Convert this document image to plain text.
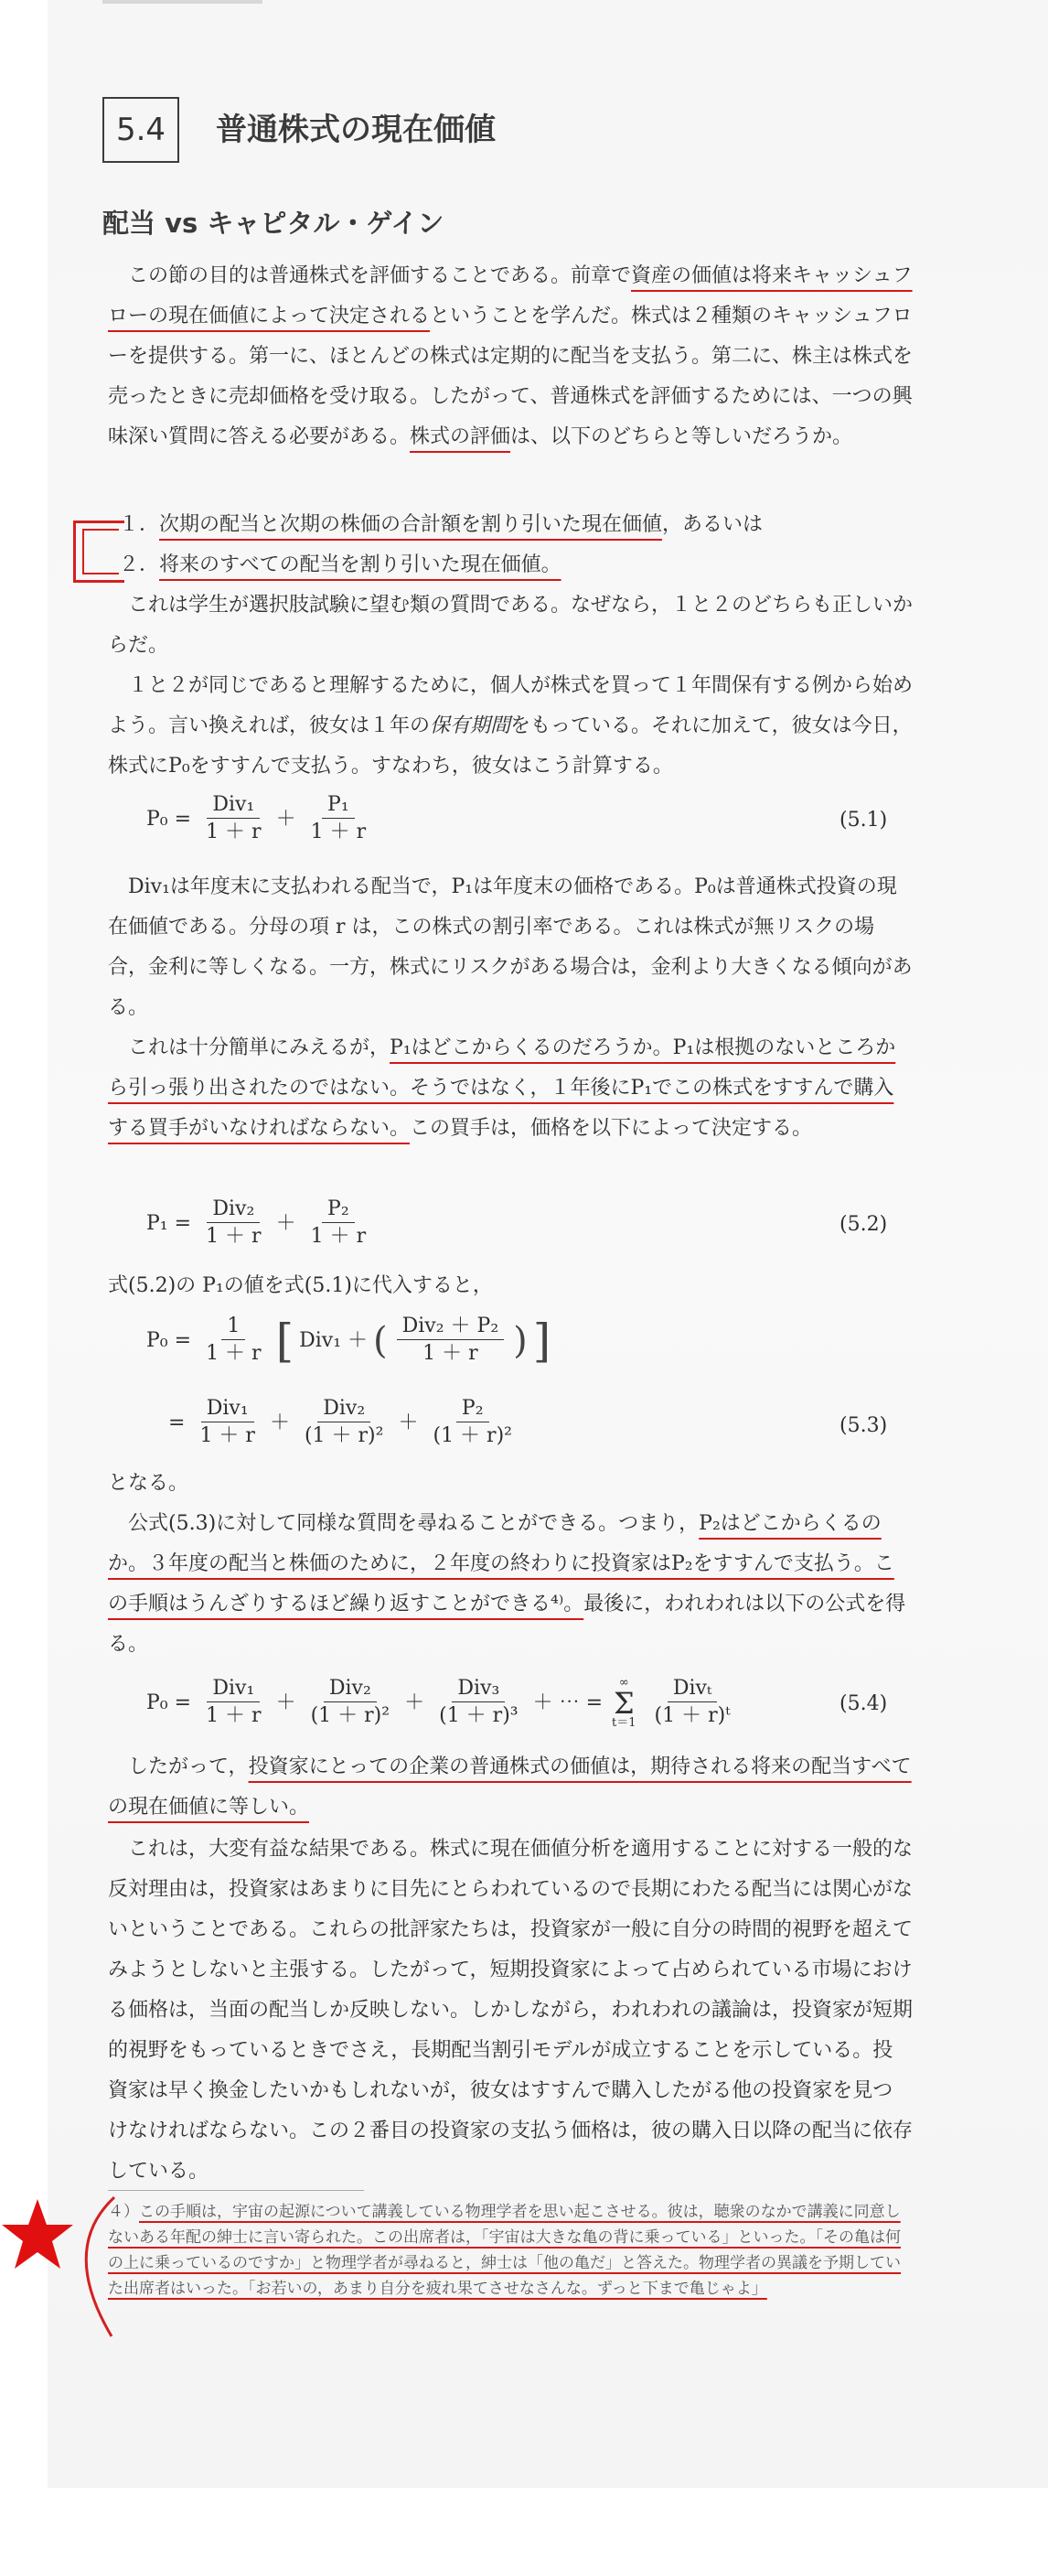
5.4	普通株式の現在価値
配当 vs キャピタル・ゲイン

この節の目的は普通株式を評価することである。前章で資産の価値は将来キャッシュフローの現在価値によって決定されるということを学んだ。株式は２種類のキャッシュフローを提供する。第一に、ほとんどの株式は定期的に配当を支払う。第二に、株主は株式を売ったときに売却価格を受け取る。したがって、普通株式を評価するためには、一つの興味深い質問に答える必要がある。株式の評価は、以下のどちらと等しいだろうか。

１．次期の配当と次期の株価の合計額を割り引いた現在価値，あるいは
２．将来のすべての配当を割り引いた現在価値。

これは学生が選択肢試験に望む類の質問である。なぜなら，１と２のどちらも正しいからだ。

１と２が同じであると理解するために，個人が株式を買って１年間保有する例から始めよう。言い換えれば，彼女は１年の保有期間をもっている。それに加えて，彼女は今日，株式にP₀をすすんで支払う。すなわち，彼女はこう計算する。

$P_0 = \frac{\text{Div₁}}{1 + r} + \frac{\text{P₁}}{1 + r}$	(5.1)

Div₁は年度末に支払われる配当で，P₁は年度末の価格である。P₀は普通株式投資の現在価値である。分母の項 r は，この株式の割引率である。これは株式が無リスクの場合，金利に等しくなる。一方，株式にリスクがある場合は，金利より大きくなる傾向がある。

これは十分簡単にみえるが，P₁はどこからくるのだろうか。P₁は根拠のないところから引っ張り出されたのではない。そうではなく，１年後にP₁でこの株式をすすんで購入する買手がいなければならない。この買手は，価格を以下によって決定する。

$P_1 = \frac{\text{Div₂}}{1 + r} + \frac{\text{P₂}}{1 + r}$	(5.2)

式(5.2)の P₁の値を式(5.1)に代入すると，

$P_0 = \frac{1}{1 + r}$ [ Div₁ ＋ ( $\frac{\text{Div₂ ＋ P₂}}{1 + r}$ ) ]
= $\frac{\text{Div₁}}{1 + r} + \frac{\text{Div₂}}{\text{(1 ＋ r)²}} + \frac{\text{P₂}}{\text{(1 ＋ r)²}}$	(5.3)

となる。

公式(5.3)に対して同様な質問を尋ねることができる。つまり，P₂はどこからくるのか。３年度の配当と株価のために，２年度の終わりに投資家はP₂をすすんで支払う。この手順はうんざりするほど繰り返すことができる⁴⁾。最後に，われわれは以下の公式を得る。

$P_0 = \frac{\text{Div₁}}{1 + r} + \frac{\text{Div₂}}{\text{(1 ＋ r)²}} + \frac{\text{Div₃}}{\text{(1 ＋ r)³}}$ ＋ ⋯ =
∞
Σ
$t=1 \frac{\text{Divₜ}}{\text{(1 ＋ r)ᵗ}}$	(5.4)

したがって，投資家にとっての企業の普通株式の価値は，期待される将来の配当すべての現在価値に等しい。

これは，大変有益な結果である。株式に現在価値分析を適用することに対する一般的な反対理由は，投資家はあまりに目先にとらわれているので長期にわたる配当には関心がないということである。これらの批評家たちは，投資家が一般に自分の時間的視野を超えてみようとしないと主張する。したがって，短期投資家によって占められている市場における価格は，当面の配当しか反映しない。しかしながら，われわれの議論は，投資家が短期的視野をもっているときでさえ，長期配当割引モデルが成立することを示している。投資家は早く換金したいかもしれないが，彼女はすすんで購入したがる他の投資家を見つけなければならない。この２番目の投資家の支払う価格は，彼の購入日以降の配当に依存している。

４）この手順は，宇宙の起源について講義している物理学者を思い起こさせる。彼は，聴衆のなかで講義に同意しないある年配の紳士に言い寄られた。この出席者は，「宇宙は大きな亀の背に乗っている」といった。「その亀は何の上に乗っているのですか」と物理学者が尋ねると，紳士は「他の亀だ」と答えた。物理学者の異議を予期していた出席者はいった。「お若いの，あまり自分を疲れ果てさせなさんな。ずっと下まで亀じゃよ」
